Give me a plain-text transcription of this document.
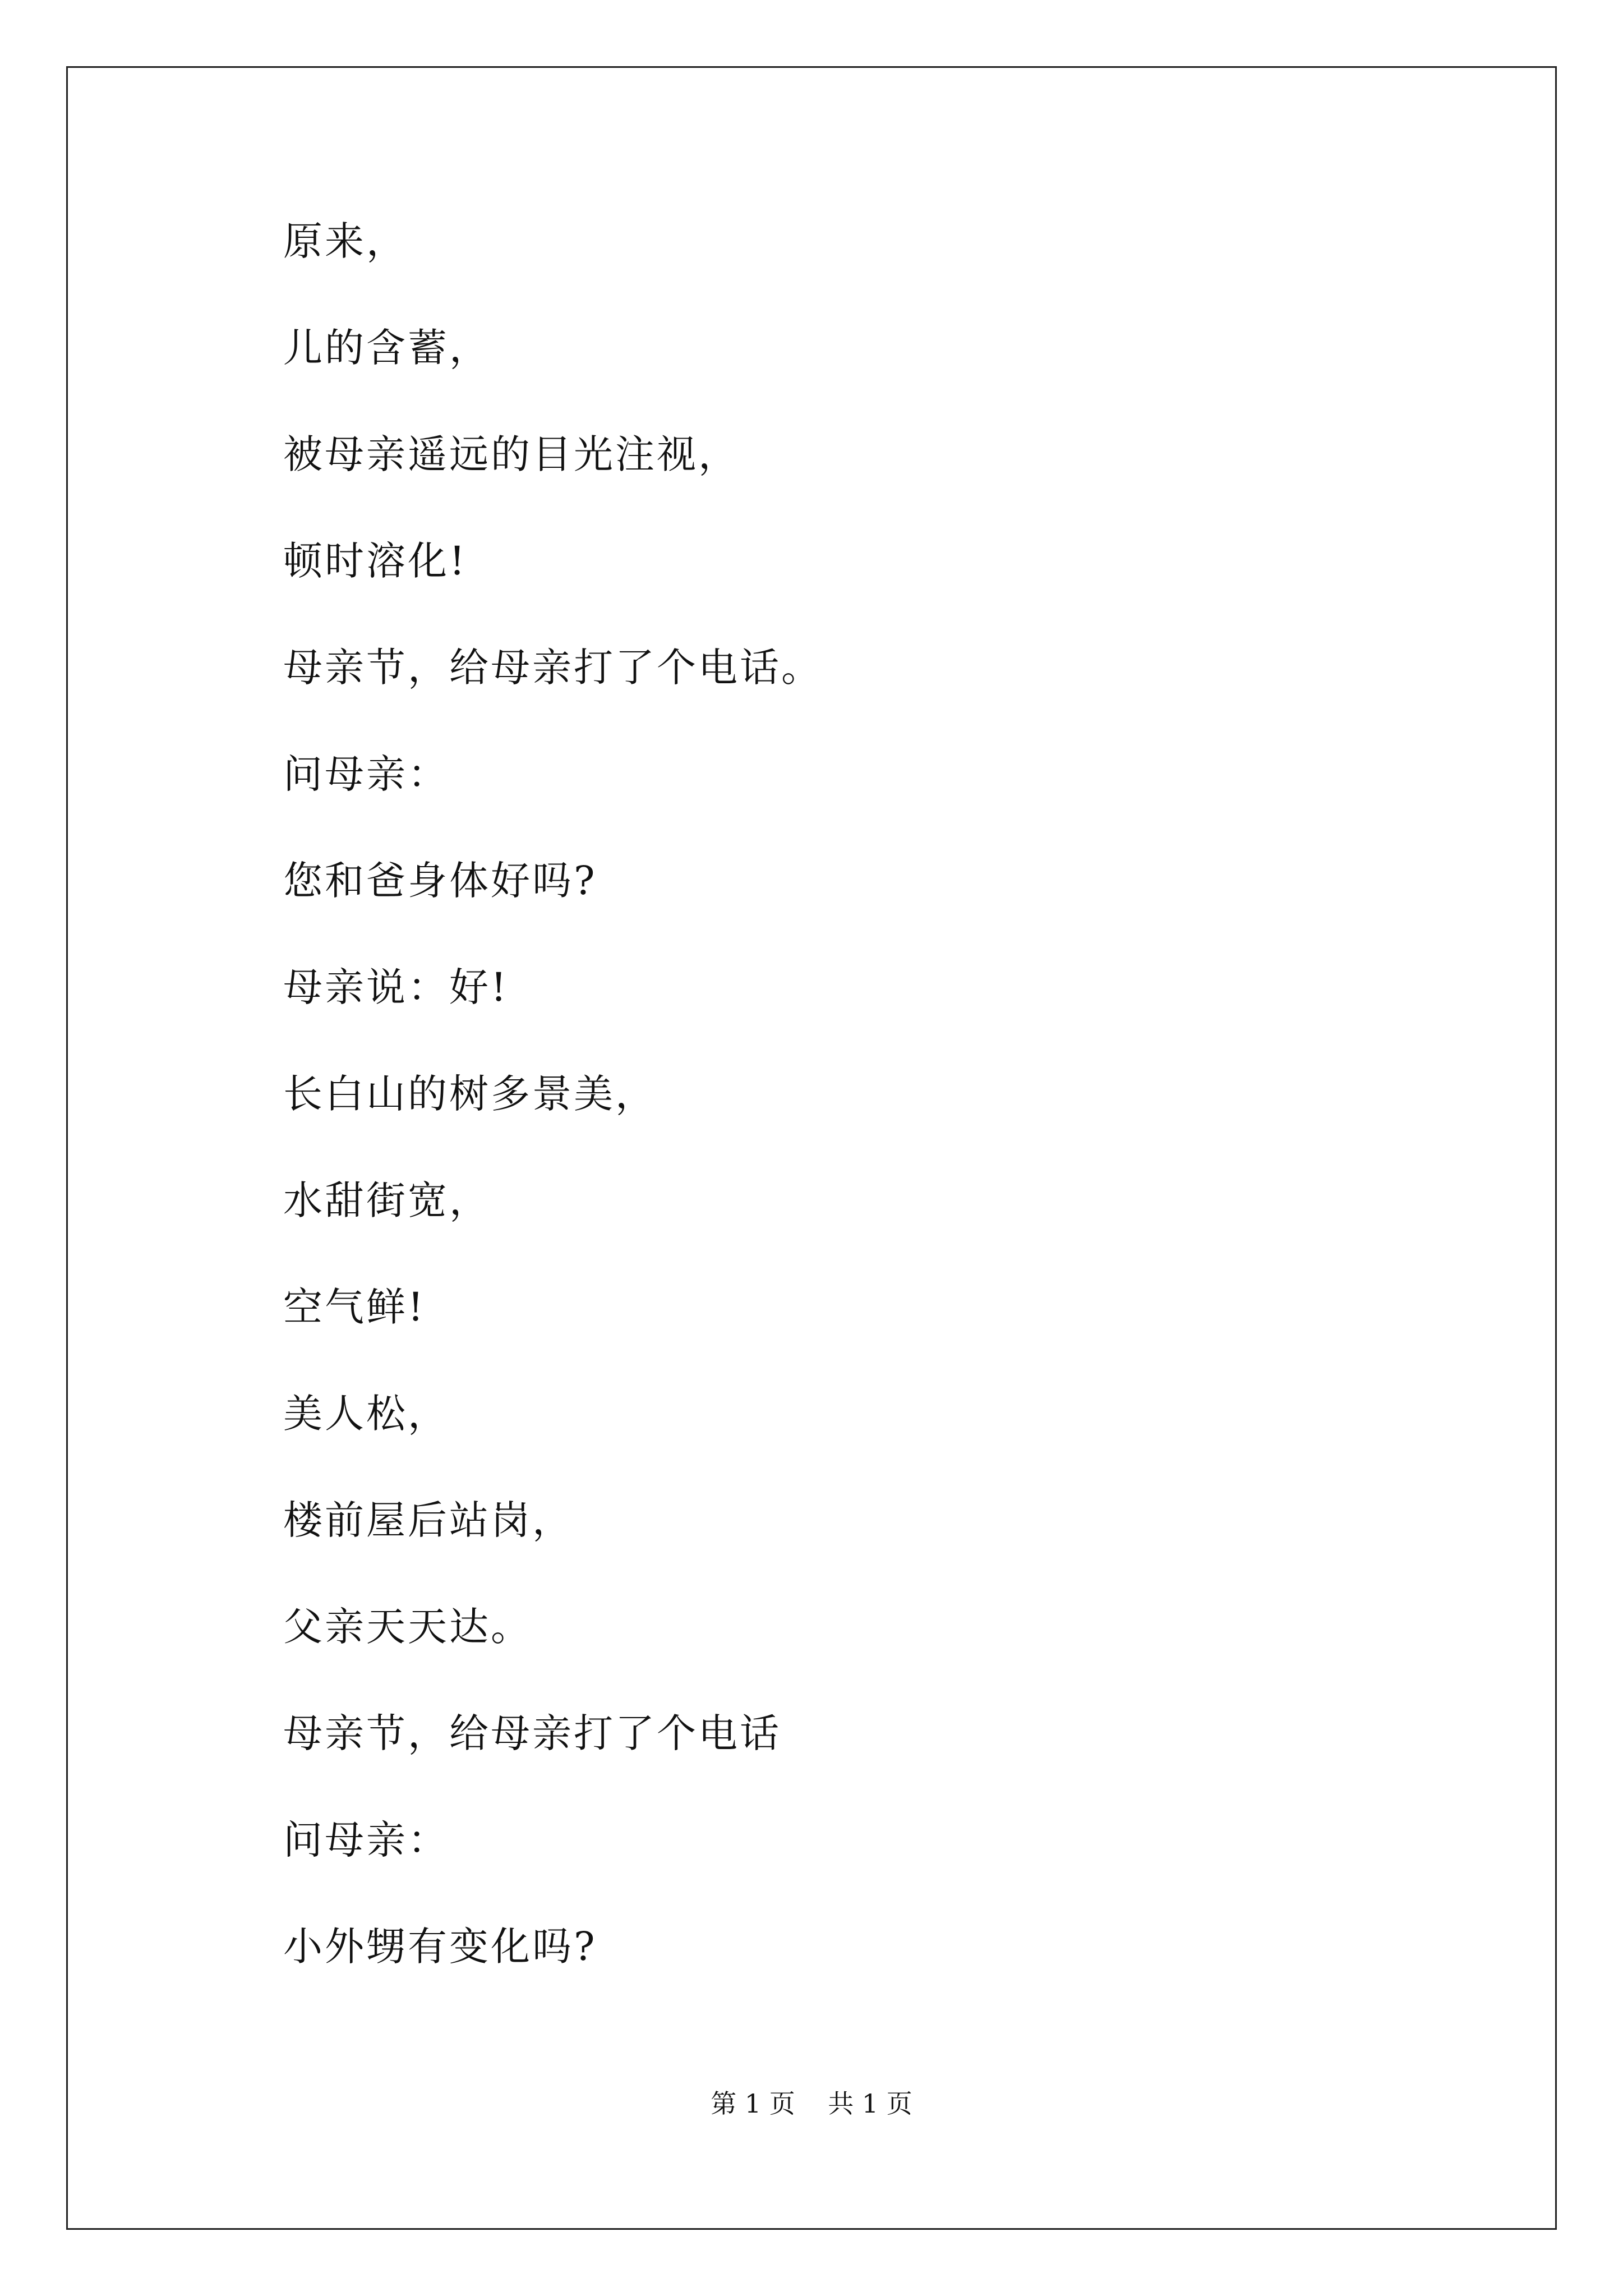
原来，
儿的含蓄，
被母亲遥远的目光注视，
顿时溶化!
母亲节，给母亲打了个电话。
问母亲：
您和爸身体好吗?
母亲说：好!
长白山的树多景美，
水甜街宽，
空气鲜!
美人松，
楼前屋后站岗，
父亲天天达。
母亲节，给母亲打了个电话
问母亲：
小外甥有变化吗?
第 1 页    共 1 页
